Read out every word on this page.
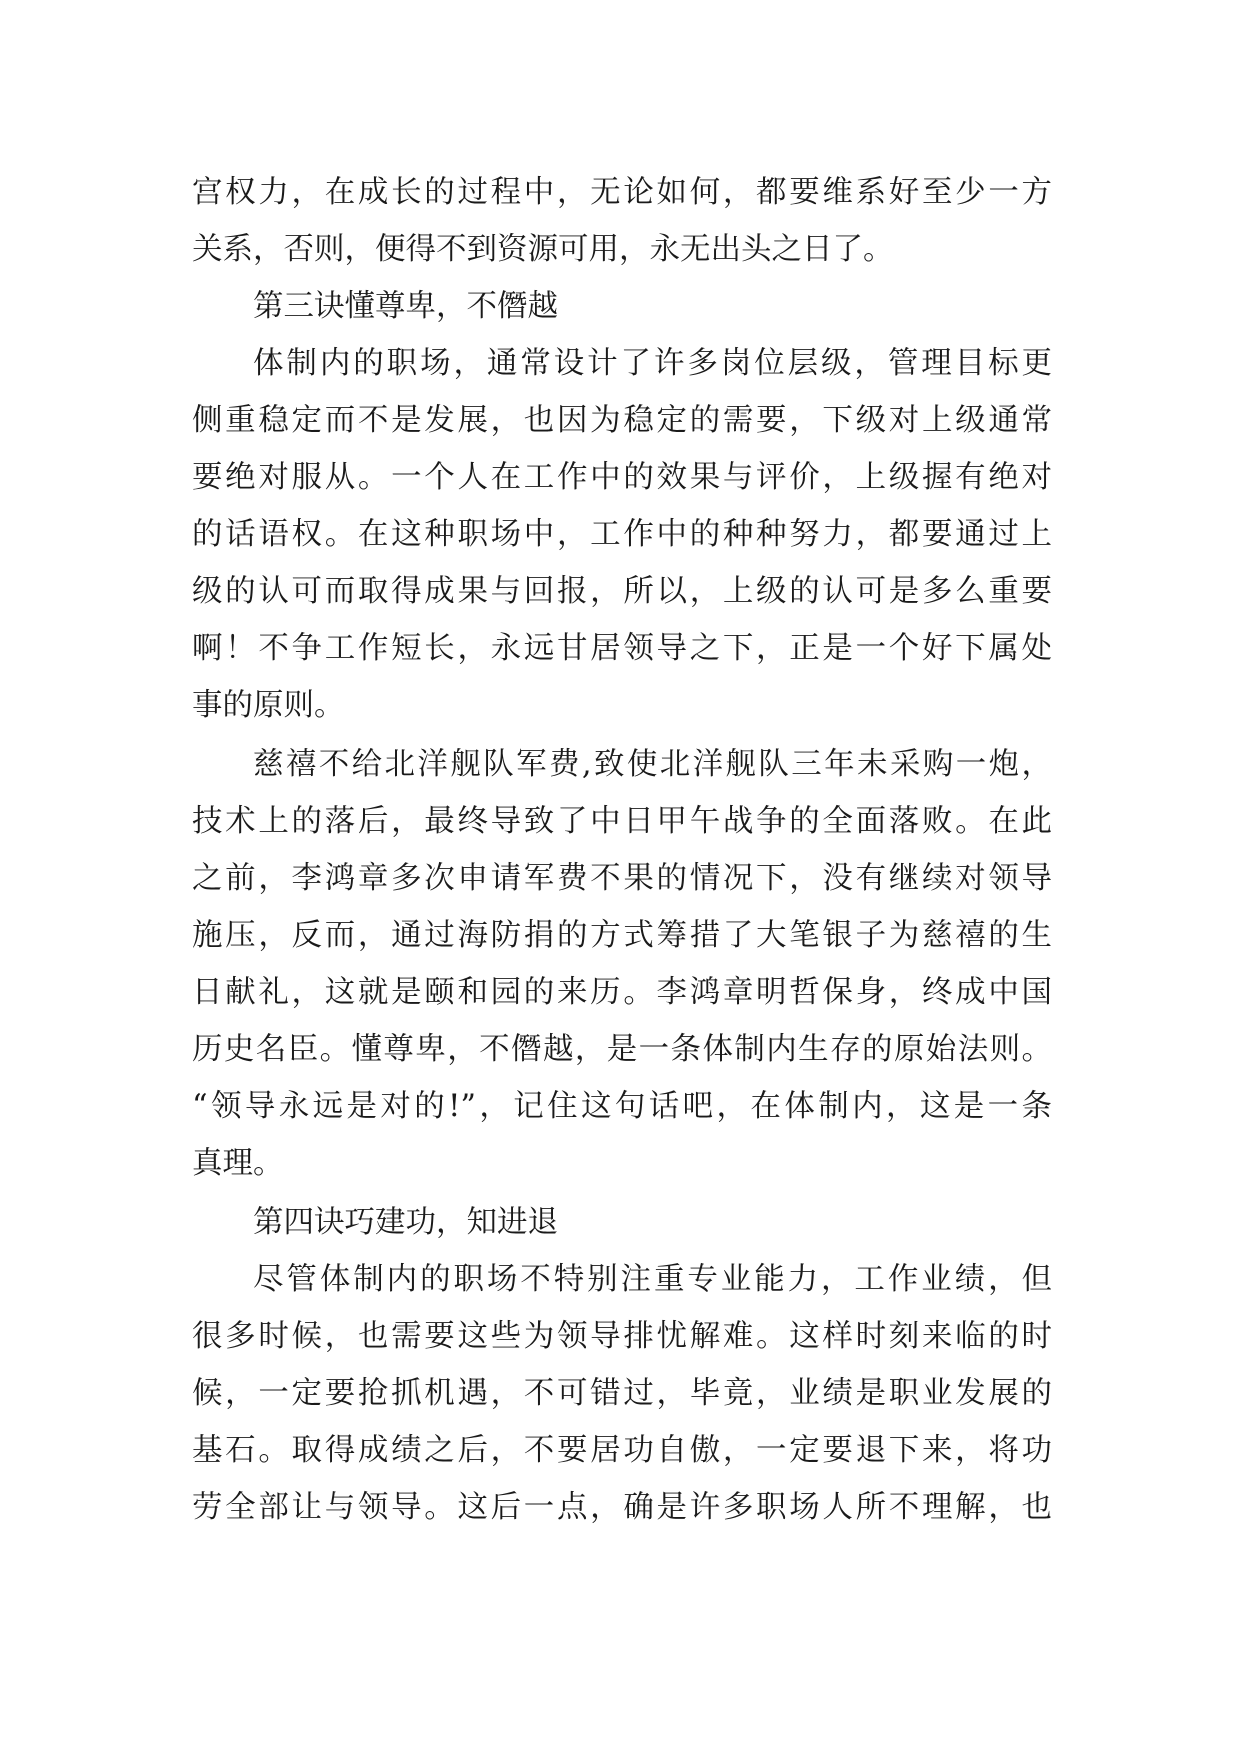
宫权力，在成长的过程中，无论如何，都要维系好至少一方
关系，否则，便得不到资源可用，永无出头之日了。
第三诀懂尊卑，不僭越
体制内的职场，通常设计了许多岗位层级，管理目标更
侧重稳定而不是发展，也因为稳定的需要，下级对上级通常
要绝对服从。一个人在工作中的效果与评价，上级握有绝对
的话语权。在这种职场中，工作中的种种努力，都要通过上
级的认可而取得成果与回报，所以，上级的认可是多么重要
啊！不争工作短长，永远甘居领导之下，正是一个好下属处
事的原则。
慈禧不给北洋舰队军费,致使北洋舰队三年未采购一炮，
技术上的落后，最终导致了中日甲午战争的全面落败。在此
之前，李鸿章多次申请军费不果的情况下，没有继续对领导
施压，反而，通过海防捐的方式筹措了大笔银子为慈禧的生
日献礼，这就是颐和园的来历。李鸿章明哲保身，终成中国
历史名臣。懂尊卑，不僭越，是一条体制内生存的原始法则。
“领导永远是对的!”，记住这句话吧，在体制内，这是一条
真理。
第四诀巧建功，知进退
尽管体制内的职场不特别注重专业能力，工作业绩，但
很多时候，也需要这些为领导排忧解难。这样时刻来临的时
候，一定要抢抓机遇，不可错过，毕竟，业绩是职业发展的
基石。取得成绩之后，不要居功自傲，一定要退下来，将功
劳全部让与领导。这后一点，确是许多职场人所不理解，也
